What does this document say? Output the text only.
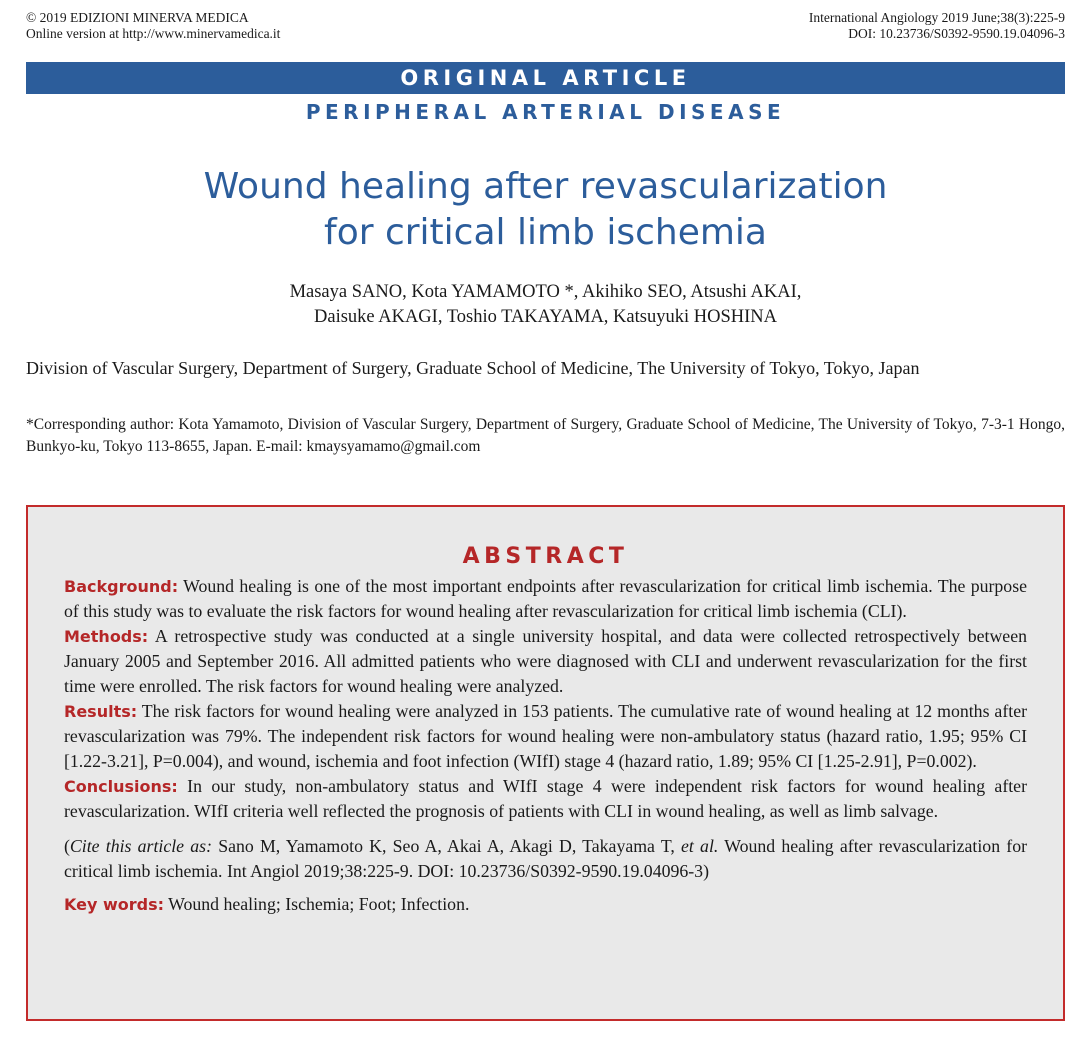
© 2019 EDIZIONI MINERVA MEDICA
Online version at http://www.minervamedica.it
International Angiology 2019 June;38(3):225-9
DOI: 10.23736/S0392-9590.19.04096-3
ORIGINAL ARTICLE
PERIPHERAL ARTERIAL DISEASE
Wound healing after revascularization
for critical limb ischemia
Masaya SANO, Kota YAMAMOTO *, Akihiko SEO, Atsushi AKAI,
Daisuke AKAGI, Toshio TAKAYAMA, Katsuyuki HOSHINA
Division of Vascular Surgery, Department of Surgery, Graduate School of Medicine, The University of Tokyo, Tokyo, Japan
*Corresponding author: Kota Yamamoto, Division of Vascular Surgery, Department of Surgery, Graduate School of Medicine, The University of Tokyo, 7-3-1 Hongo, Bunkyo-ku, Tokyo 113-8655, Japan. E-mail: kmaysyamamo@gmail.com
ABSTRACT

Background: Wound healing is one of the most important endpoints after revascularization for critical limb ischemia. The purpose of this study was to evaluate the risk factors for wound healing after revascularization for critical limb ischemia (CLI).

Methods: A retrospective study was conducted at a single university hospital, and data were collected retrospectively between January 2005 and September 2016. All admitted patients who were diagnosed with CLI and underwent revascularization for the first time were enrolled. The risk factors for wound healing were analyzed.

Results: The risk factors for wound healing were analyzed in 153 patients. The cumulative rate of wound healing at 12 months after revascularization was 79%. The independent risk factors for wound healing were non-ambulatory status (hazard ratio, 1.95; 95% CI [1.22-3.21], P=0.004), and wound, ischemia and foot infection (WIfI) stage 4 (hazard ratio, 1.89; 95% CI [1.25-2.91], P=0.002).

Conclusions: In our study, non-ambulatory status and WIfI stage 4 were independent risk factors for wound healing after revascularization. WIfI criteria well reflected the prognosis of patients with CLI in wound healing, as well as limb salvage.

(Cite this article as: Sano M, Yamamoto K, Seo A, Akai A, Akagi D, Takayama T, et al. Wound healing after revascularization for critical limb ischemia. Int Angiol 2019;38:225-9. DOI: 10.23736/S0392-9590.19.04096-3)

Key words: Wound healing; Ischemia; Foot; Infection.
